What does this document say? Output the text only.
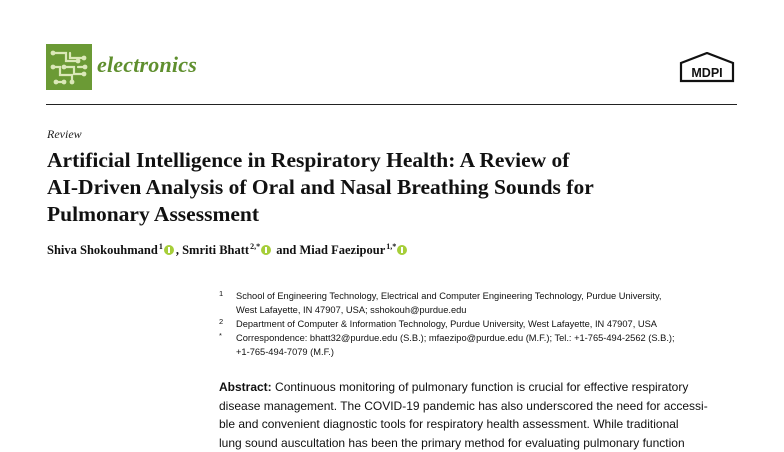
electronics	MDPI
Review
Artificial Intelligence in Respiratory Health: A Review of
AI-Driven Analysis of Oral and Nasal Breathing Sounds for
Pulmonary Assessment
Shiva Shokouhmand$^1$ , Smriti Bhatt$^{2,*}$ and Miad Faezipour$^{1,*}$
1 School of Engineering Technology, Electrical and Computer Engineering Technology, Purdue University,
West Lafayette, IN 47907, USA; sshokouh@purdue.edu
2 Department of Computer & Information Technology, Purdue University, West Lafayette, IN 47907, USA
* Correspondence: bhatt32@purdue.edu (S.B.); mfaezipo@purdue.edu (M.F.); Tel.: +1-765-494-2562 (S.B.);
+1-765-494-7079 (M.F.)
Abstract: Continuous monitoring of pulmonary function is crucial for effective respiratory
disease management. The COVID-19 pandemic has also underscored the need for accessi-
ble and convenient diagnostic tools for respiratory health assessment. While traditional
lung sound auscultation has been the primary method for evaluating pulmonary function
